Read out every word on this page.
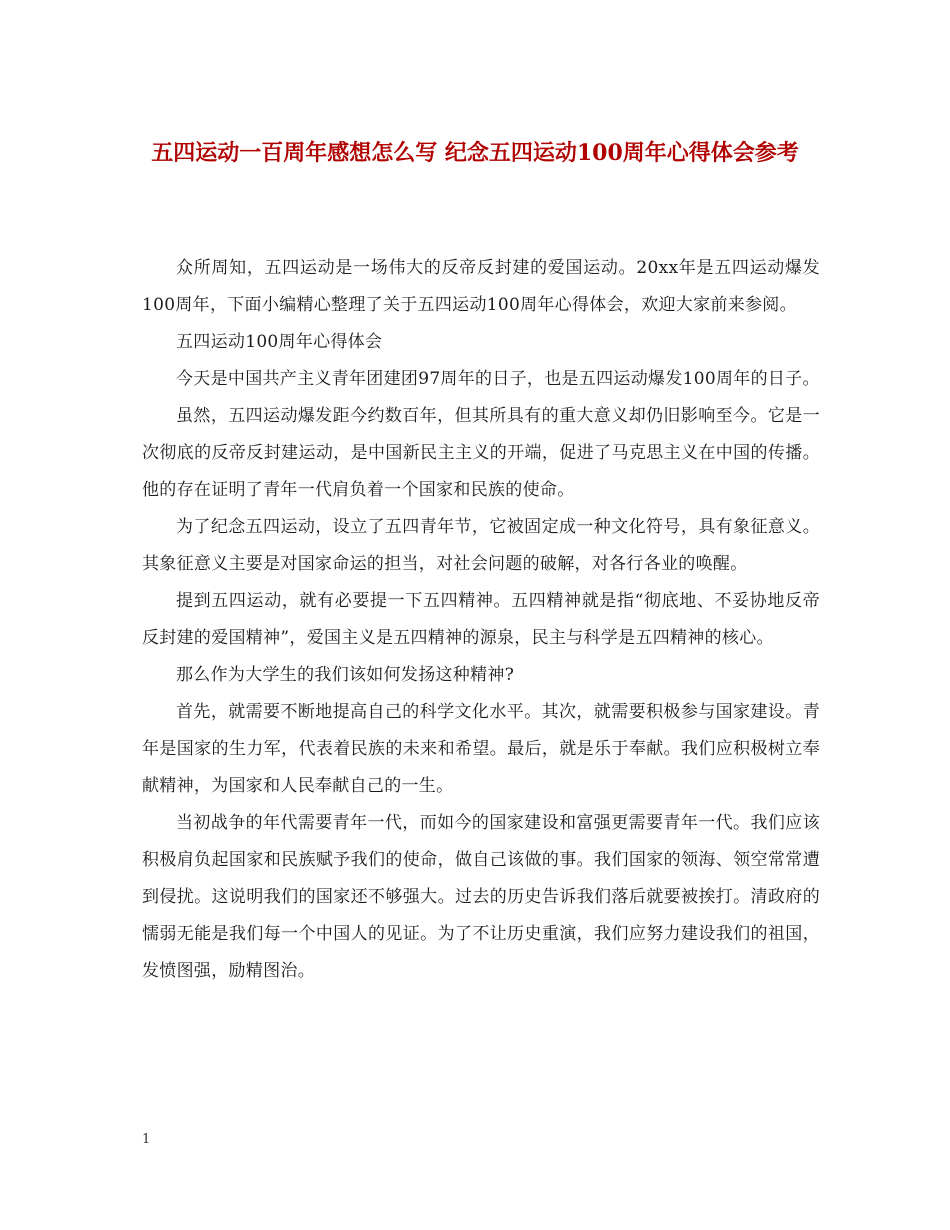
五四运动一百周年感想怎么写 纪念五四运动100周年心得体会参考

众所周知，五四运动是一场伟大的反帝反封建的爱国运动。20xx年是五四运动爆发100周年，下面小编精心整理了关于五四运动100周年心得体会，欢迎大家前来参阅。

五四运动100周年心得体会

今天是中国共产主义青年团建团97周年的日子，也是五四运动爆发100周年的日子。

虽然，五四运动爆发距今约数百年，但其所具有的重大意义却仍旧影响至今。它是一次彻底的反帝反封建运动，是中国新民主主义的开端，促进了马克思主义在中国的传播。他的存在证明了青年一代肩负着一个国家和民族的使命。

为了纪念五四运动，设立了五四青年节，它被固定成一种文化符号，具有象征意义。其象征意义主要是对国家命运的担当，对社会问题的破解，对各行各业的唤醒。

提到五四运动，就有必要提一下五四精神。五四精神就是指“彻底地、不妥协地反帝反封建的爱国精神”，爱国主义是五四精神的源泉，民主与科学是五四精神的核心。

那么作为大学生的我们该如何发扬这种精神?

首先，就需要不断地提高自己的科学文化水平。其次，就需要积极参与国家建设。青年是国家的生力军，代表着民族的未来和希望。最后，就是乐于奉献。我们应积极树立奉献精神，为国家和人民奉献自己的一生。

当初战争的年代需要青年一代，而如今的国家建设和富强更需要青年一代。我们应该积极肩负起国家和民族赋予我们的使命，做自己该做的事。我们国家的领海、领空常常遭到侵扰。这说明我们的国家还不够强大。过去的历史告诉我们落后就要被挨打。清政府的懦弱无能是我们每一个中国人的见证。为了不让历史重演，我们应努力建设我们的祖国，发愤图强，励精图治。

1
